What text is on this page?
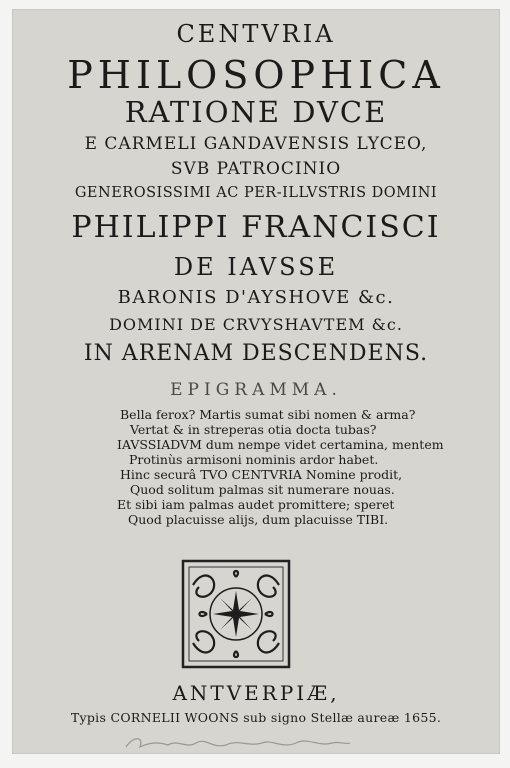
CENTVRIA
PHILOSOPHICA
RATIONE DVCE
E CARMELI GANDAVENSIS LYCEO,
SVB PATROCINIO
GENEROSISSIMI AC PER-ILLVSTRIS DOMINI
PHILIPPI FRANCISCI
DE IAVSSE
BARONIS D'AYSHOVE &c.
DOMINI DE CRVYSHAVTEM &c.
IN ARENAM DESCENDENS.
EPIGRAMMA.
Bella ferox? Martis sumat sibi nomen & arma?
Vertat & in streperas otia docta tubas?
IAVSSIADVM dum nempe videt certamina, mentem
Protinùs armisoni nominis ardor habet.
Hinc securâ TVO CENTVRIA Nomine prodit,
Quod solitum palmas sit numerare nouas.
Et sibi iam palmas audet promittere; speret
Quod placuisse alijs, dum placuisse TIBI.
ANTVERPIÆ,
Typis CORNELII WOONS sub signo Stellæ aureæ 1655.
